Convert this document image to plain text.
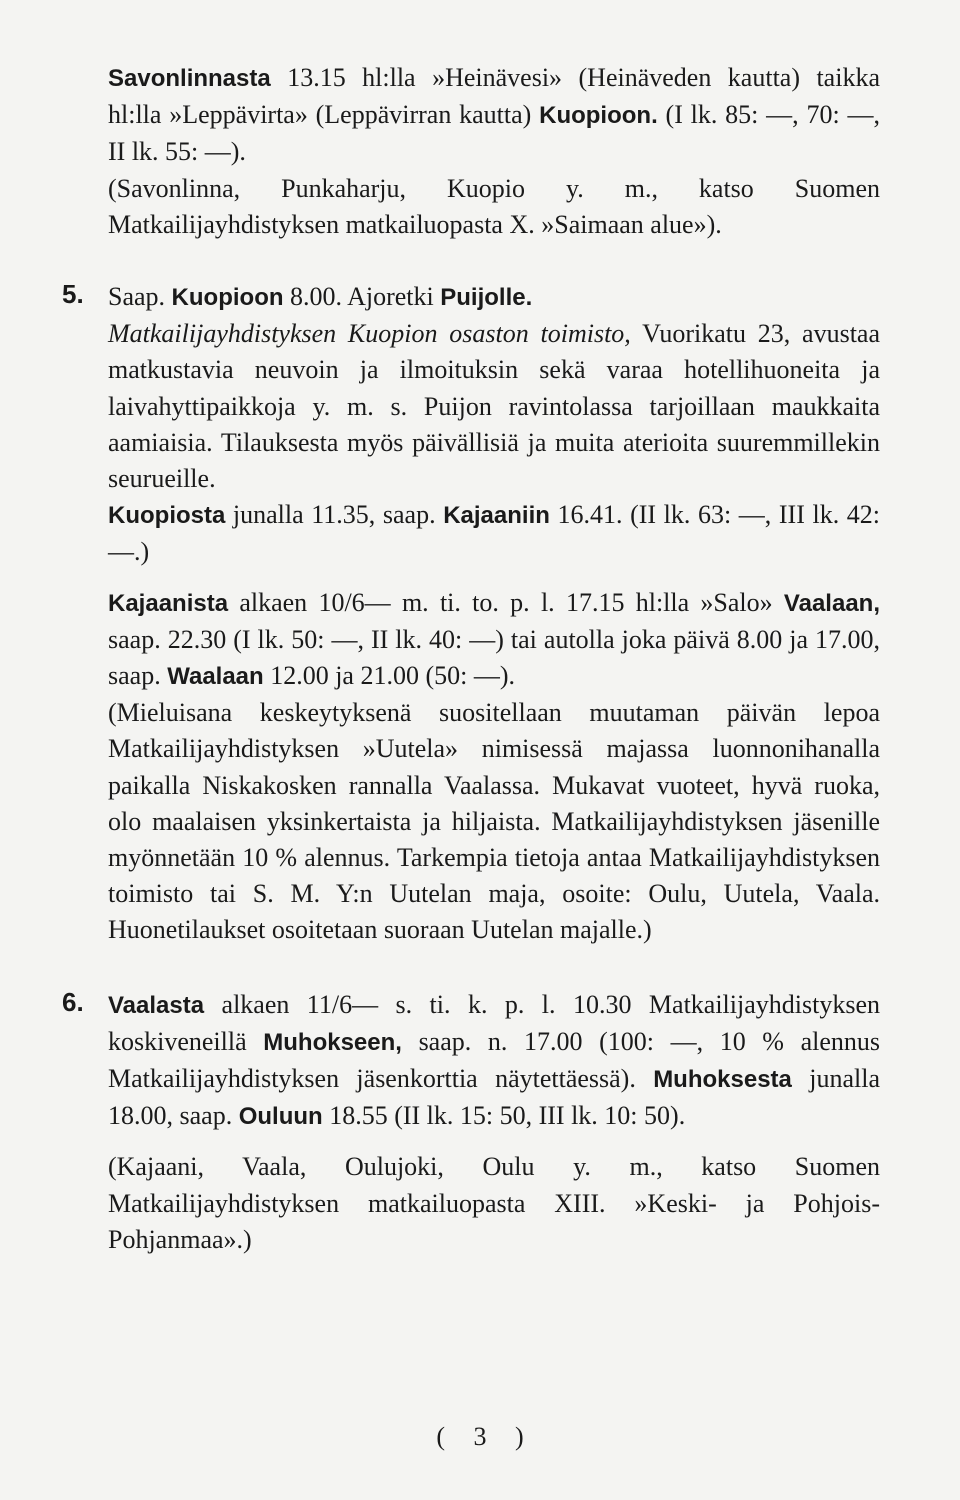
Savonlinnasta 13.15 hl:lla »Heinävesi» (Heinäveden kautta) taikka hl:lla »Leppävirta» (Leppävirran kautta) Kuopioon. (I lk. 85: —, 70: —, II lk. 55: —).

(Savonlinna, Punkaharju, Kuopio y. m., katso Suomen Matkailijayhdistyksen matkailuopasta X. »Saimaan alue»).

5. Saap. Kuopioon 8.00. Ajoretki Puijolle.

Matkailijayhdistyksen Kuopion osaston toimisto, Vuorikatu 23, avustaa matkustavia neuvoin ja ilmoituksin sekä varaa hotellihuoneita ja laivahyttipaikkoja y. m. s. Puijon ravintolassa tarjoillaan maukkaita aamiaisia. Tilauksesta myös päivällisiä ja muita aterioita suuremmillekin seurueille.

Kuopiosta junalla 11.35, saap. Kajaaniin 16.41. (II lk. 63: —, III lk. 42: —.)

Kajaanista alkaen 10/6— m. ti. to. p. l. 17.15 hl:lla »Salo» Vaalaan, saap. 22.30 (I lk. 50: —, II lk. 40: —) tai autolla joka päivä 8.00 ja 17.00, saap. Waalaan 12.00 ja 21.00 (50: —).

(Mieluisana keskeytyksenä suositellaan muutaman päivän lepoa Matkailijayhdistyksen »Uutela» nimisessä majassa luonnonihanalla paikalla Niskakosken rannalla Vaalassa. Mukavat vuoteet, hyvä ruoka, olo maalaisen yksinkertaista ja hiljaista. Matkailijayhdistyksen jäsenille myönnetään 10 % alennus. Tarkempia tietoja antaa Matkailijayhdistyksen toimisto tai S. M. Y:n Uutelan maja, osoite: Oulu, Uutela, Vaala. Huonetilaukset osoitetaan suoraan Uutelan majalle.)

6. Vaalasta alkaen 11/6— s. ti. k. p. l. 10.30 Matkailijayhdistyksen koskiveneillä Muhokseen, saap. n. 17.00 (100: —, 10 % alennus Matkailijayhdistyksen jäsenkorttia näytettäessä). Muhoksesta junalla 18.00, saap. Ouluun 18.55 (II lk. 15: 50, III lk. 10: 50).

(Kajaani, Vaala, Oulujoki, Oulu y. m., katso Suomen Matkailijayhdistyksen matkailuopasta XIII. »Keski- ja Pohjois-Pohjanmaa».)

( 3 )
